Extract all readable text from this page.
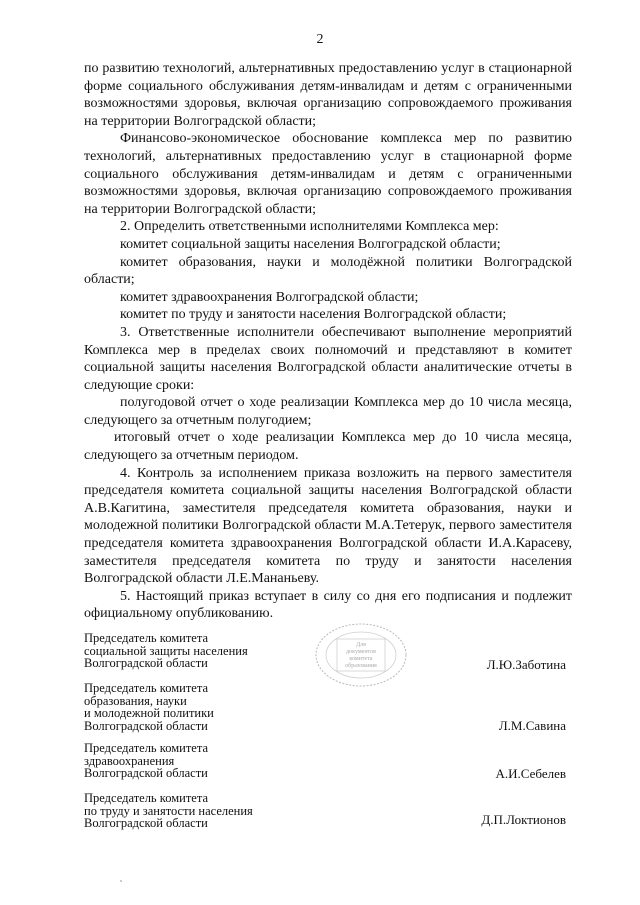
2

по развитию технологий, альтернативных предоставлению услуг в стационарной форме социального обслуживания детям-инвалидам и детям с ограниченными возможностями здоровья, включая организацию сопровождаемого проживания на территории Волгоградской области;

Финансово-экономическое обоснование комплекса мер по развитию технологий, альтернативных предоставлению услуг в стационарной форме социального обслуживания детям-инвалидам и детям с ограниченными возможностями здоровья, включая организацию сопровождаемого проживания на территории Волгоградской области;

2. Определить ответственными исполнителями Комплекса мер:

комитет социальной защиты населения Волгоградской области;

комитет образования, науки и молодёжной политики Волгоградской области;

комитет здравоохранения Волгоградской области;

комитет по труду и занятости населения Волгоградской области;

3. Ответственные исполнители обеспечивают выполнение мероприятий Комплекса мер в пределах своих полномочий и представляют в комитет социальной защиты населения Волгоградской области аналитические отчеты в следующие сроки:

полугодовой отчет о ходе реализации Комплекса мер до 10 числа месяца, следующего за отчетным полугодием;

итоговый отчет о ходе реализации Комплекса мер до 10 числа месяца, следующего за отчетным периодом.

4. Контроль за исполнением приказа возложить на первого заместителя председателя комитета социальной защиты населения Волгоградской области А.В.Кагитина, заместителя председателя комитета образования, науки и молодежной политики Волгоградской области М.А.Тетерук, первого заместителя председателя комитета здравоохранения Волгоградской области И.А.Карасеву, заместителя председателя комитета по труду и занятости населения Волгоградской области Л.Е.Мананьеву.

5. Настоящий приказ вступает в силу со дня его подписания и подлежит официальному опубликованию.

Председатель комитета
социальной защиты населения
Волгоградской области	Л.Ю.Заботина
Председатель комитета
образования, науки
и молодежной политики
Волгоградской области	Л.М.Савина
Председатель комитета
здравоохранения
Волгоградской области	А.И.Себелев
Председатель комитета
по труду и занятости населения
Волгоградской области	Д.П.Локтионов
Для
документов
комитета
образования
